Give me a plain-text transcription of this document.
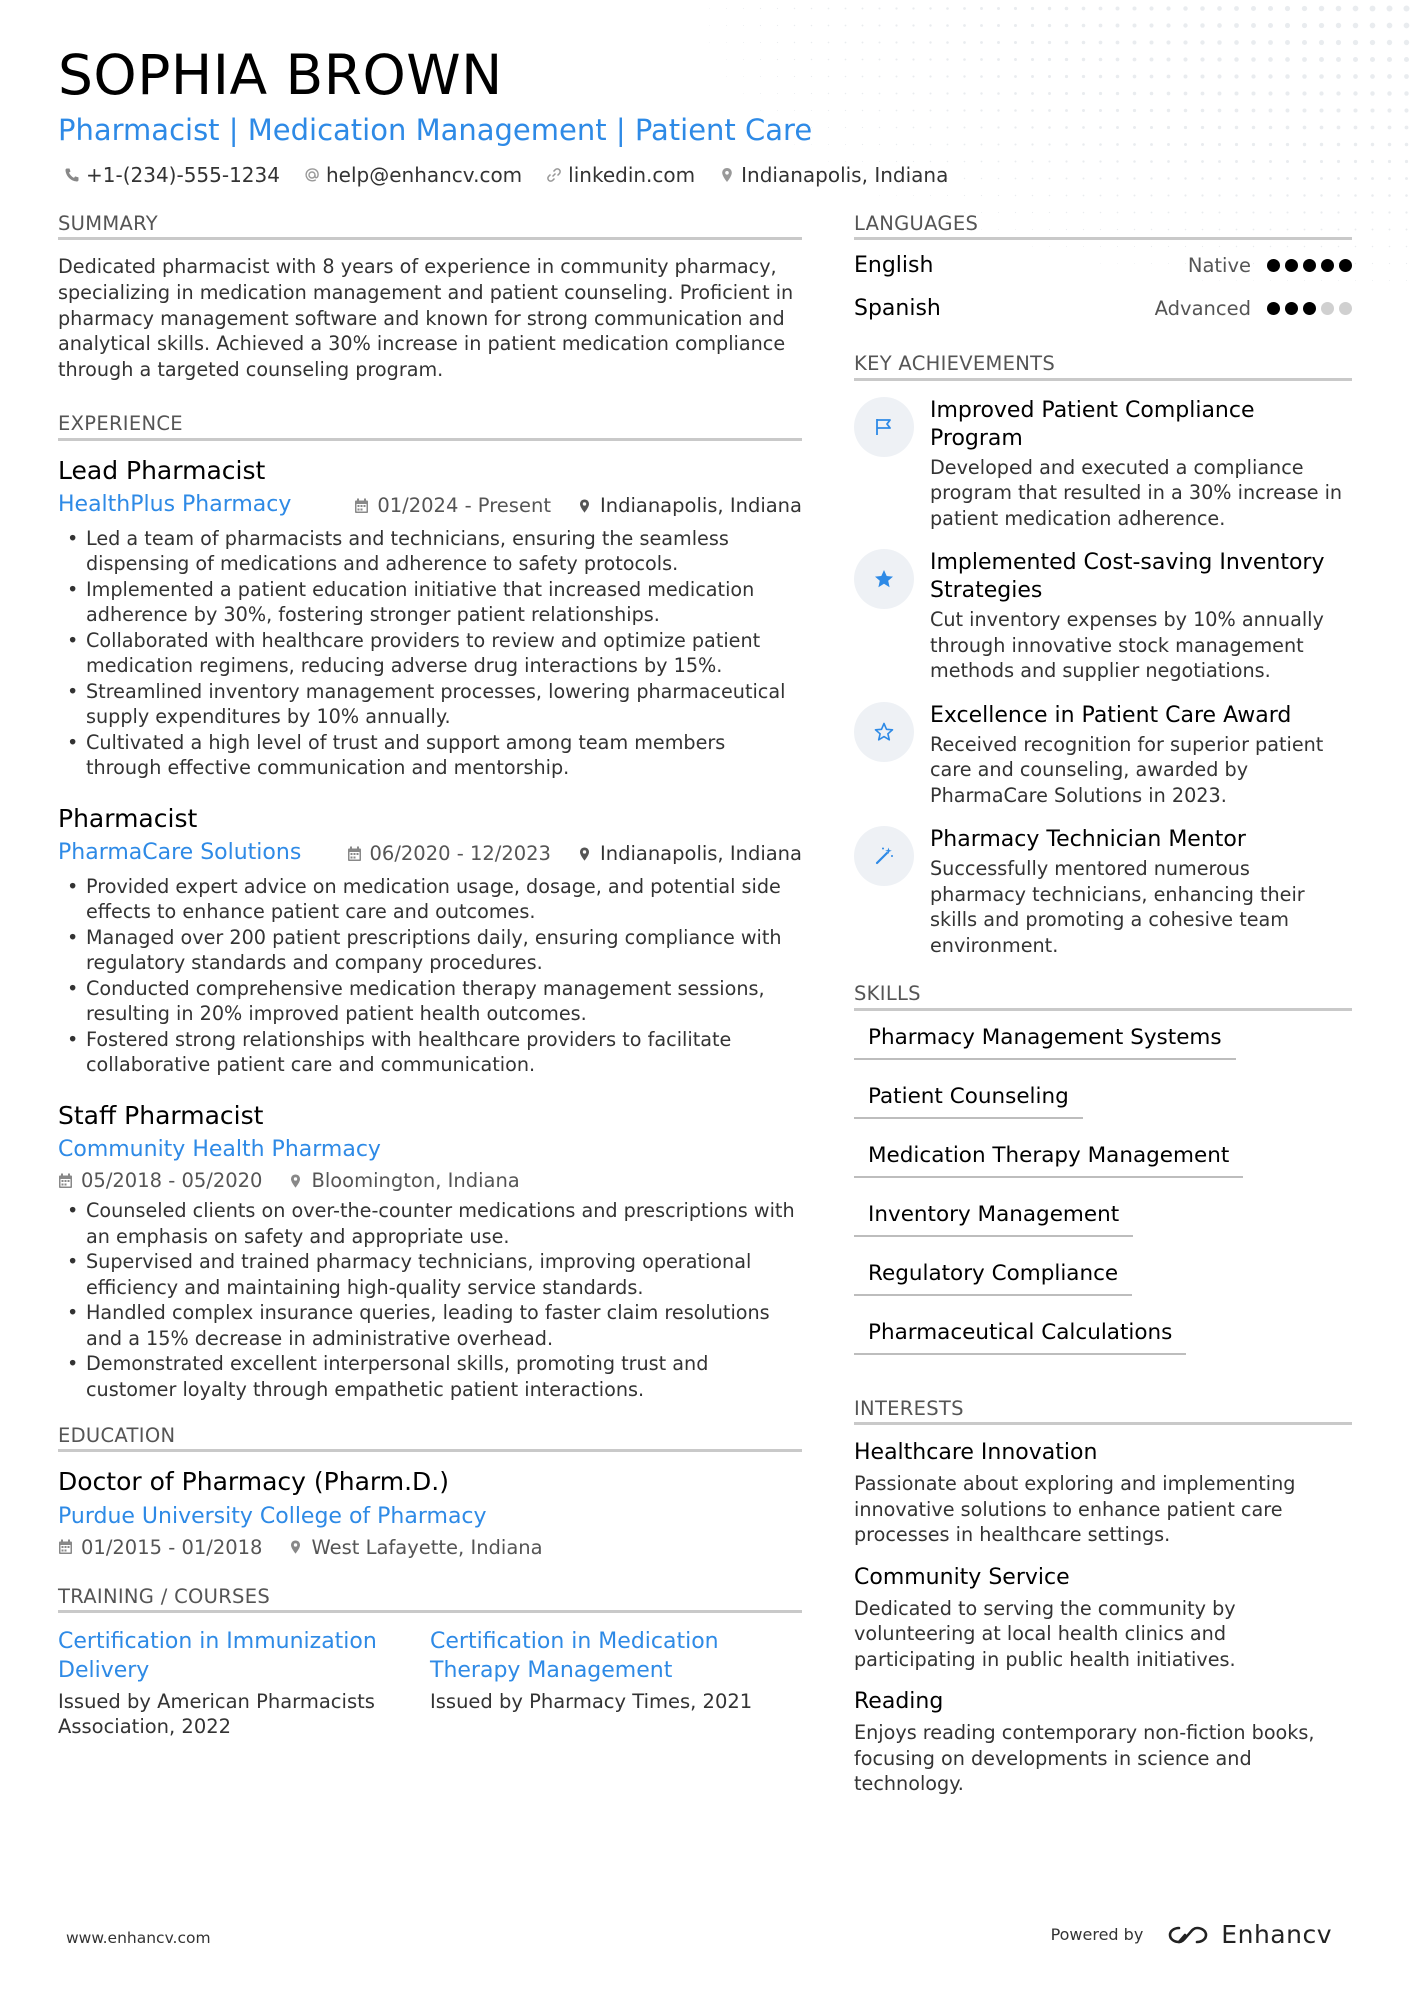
SOPHIA BROWN
Pharmacist | Medication Management | Patient Care
+1-(234)-555-1234 help@enhancv.com linkedin.com Indianapolis, Indiana
SUMMARY

Dedicated pharmacist with 8 years of experience in community pharmacy, specializing in medication management and patient counseling. Proficient in pharmacy management software and known for strong communication and analytical skills. Achieved a 30% increase in patient medication compliance through a targeted counseling program.

EXPERIENCE
Lead Pharmacist
HealthPlus Pharmacy	01/2024 - Present	Indianapolis, Indiana
• Led a team of pharmacists and technicians, ensuring the seamless dispensing of medications and adherence to safety protocols.
• Implemented a patient education initiative that increased medication adherence by 30%, fostering stronger patient relationships.
• Collaborated with healthcare providers to review and optimize patient medication regimens, reducing adverse drug interactions by 15%.
• Streamlined inventory management processes, lowering pharmaceutical supply expenditures by 10% annually.
• Cultivated a high level of trust and support among team members through effective communication and mentorship.
Pharmacist
PharmaCare Solutions	06/2020 - 12/2023	Indianapolis, Indiana
• Provided expert advice on medication usage, dosage, and potential side effects to enhance patient care and outcomes.
• Managed over 200 patient prescriptions daily, ensuring compliance with regulatory standards and company procedures.
• Conducted comprehensive medication therapy management sessions, resulting in 20% improved patient health outcomes.
• Fostered strong relationships with healthcare providers to facilitate collaborative patient care and communication.
Staff Pharmacist
Community Health Pharmacy
05/2018 - 05/2020	Bloomington, Indiana
• Counseled clients on over-the-counter medications and prescriptions with an emphasis on safety and appropriate use.
• Supervised and trained pharmacy technicians, improving operational efficiency and maintaining high-quality service standards.
• Handled complex insurance queries, leading to faster claim resolutions and a 15% decrease in administrative overhead.
• Demonstrated excellent interpersonal skills, promoting trust and customer loyalty through empathetic patient interactions.
EDUCATION
Doctor of Pharmacy (Pharm.D.)
Purdue University College of Pharmacy
01/2015 - 01/2018	West Lafayette, Indiana
TRAINING / COURSES
Certification in Immunization Delivery
Issued by American Pharmacists Association, 2022
Certification in Medication Therapy Management
Issued by Pharmacy Times, 2021
LANGUAGES
English	Native
Spanish	Advanced
KEY ACHIEVEMENTS
Improved Patient Compliance Program
Developed and executed a compliance program that resulted in a 30% increase in patient medication adherence.
Implemented Cost-saving Inventory Strategies
Cut inventory expenses by 10% annually through innovative stock management methods and supplier negotiations.
Excellence in Patient Care Award
Received recognition for superior patient care and counseling, awarded by PharmaCare Solutions in 2023.
Pharmacy Technician Mentor
Successfully mentored numerous pharmacy technicians, enhancing their skills and promoting a cohesive team environment.
SKILLS
Pharmacy Management Systems
Patient Counseling
Medication Therapy Management
Inventory Management
Regulatory Compliance
Pharmaceutical Calculations
INTERESTS
Healthcare Innovation
Passionate about exploring and implementing innovative solutions to enhance patient care processes in healthcare settings.
Community Service
Dedicated to serving the community by volunteering at local health clinics and participating in public health initiatives.
Reading
Enjoys reading contemporary non-fiction books, focusing on developments in science and technology.
www.enhancv.com	Powered by	Enhancv
